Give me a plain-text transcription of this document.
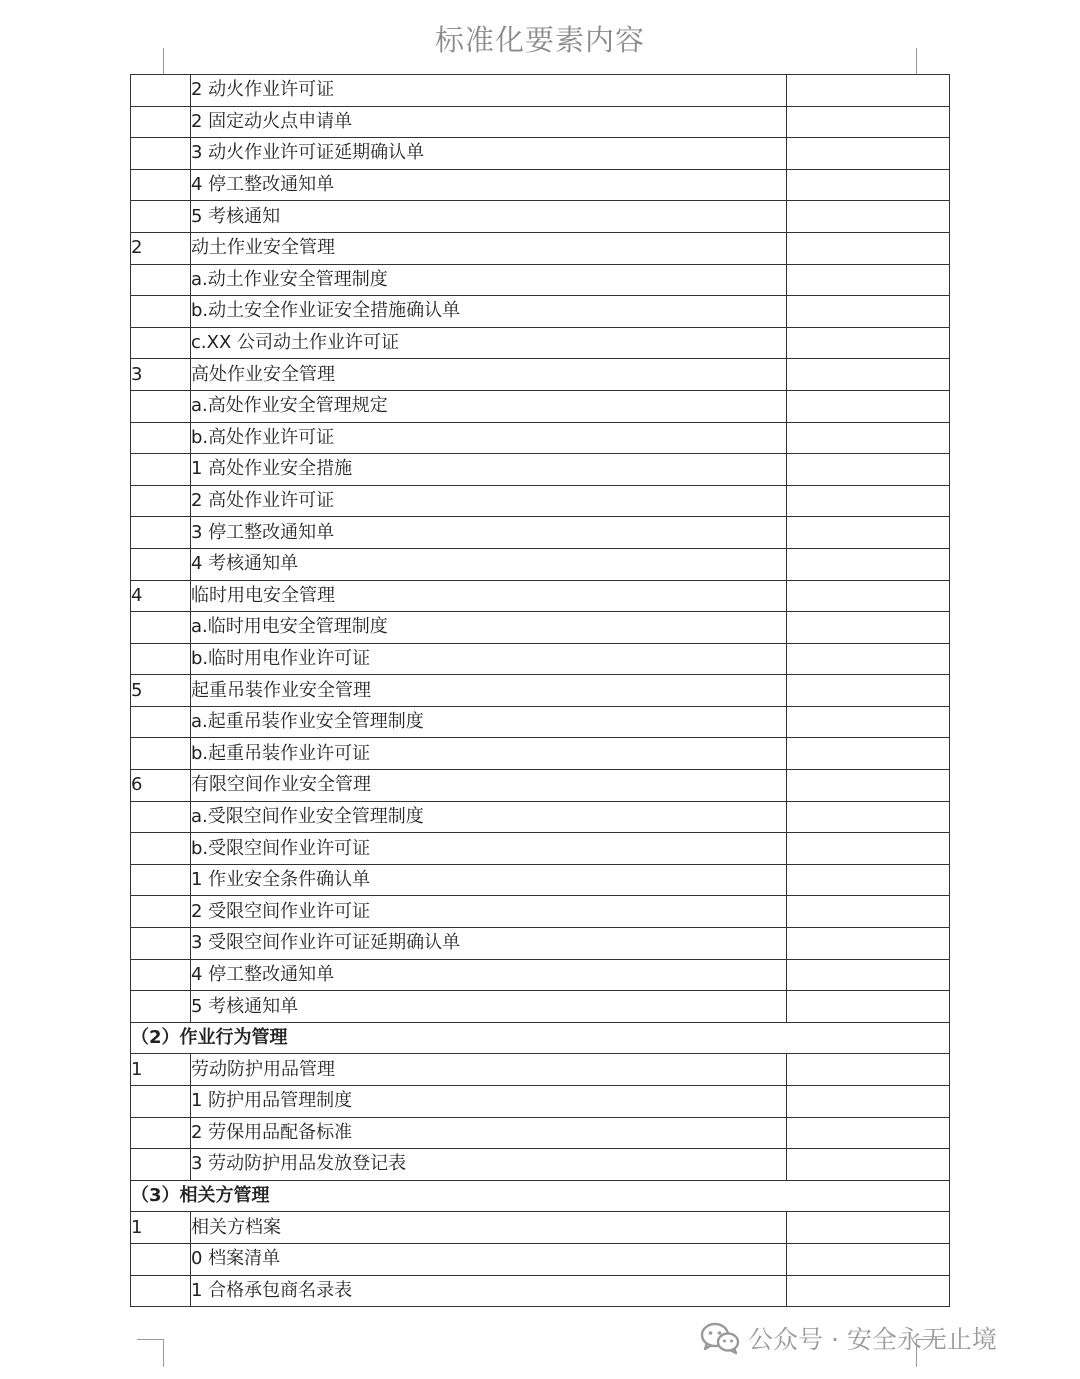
标准化要素内容
	2 动火作业许可证	
	2 固定动火点申请单	
	3 动火作业许可证延期确认单	
	4 停工整改通知单	
	5 考核通知	
2	动土作业安全管理	
	a.动土作业安全管理制度	
	b.动土安全作业证安全措施确认单	
	c.XX 公司动土作业许可证	
3	高处作业安全管理	
	a.高处作业安全管理规定	
	b.高处作业许可证	
	1 高处作业安全措施	
	2 高处作业许可证	
	3 停工整改通知单	
	4 考核通知单	
4	临时用电安全管理	
	a.临时用电安全管理制度	
	b.临时用电作业许可证	
5	起重吊装作业安全管理	
	a.起重吊装作业安全管理制度	
	b.起重吊装作业许可证	
6	有限空间作业安全管理	
	a.受限空间作业安全管理制度	
	b.受限空间作业许可证	
	1 作业安全条件确认单	
	2 受限空间作业许可证	
	3 受限空间作业许可证延期确认单	
	4 停工整改通知单	
	5 考核通知单	
（2）作业行为管理		
1	劳动防护用品管理	
	1 防护用品管理制度	
	2 劳保用品配备标准	
	3 劳动防护用品发放登记表	
（3）相关方管理		
1	相关方档案	
	0 档案清单	
	1 合格承包商名录表	
公众号 · 安全永无止境
